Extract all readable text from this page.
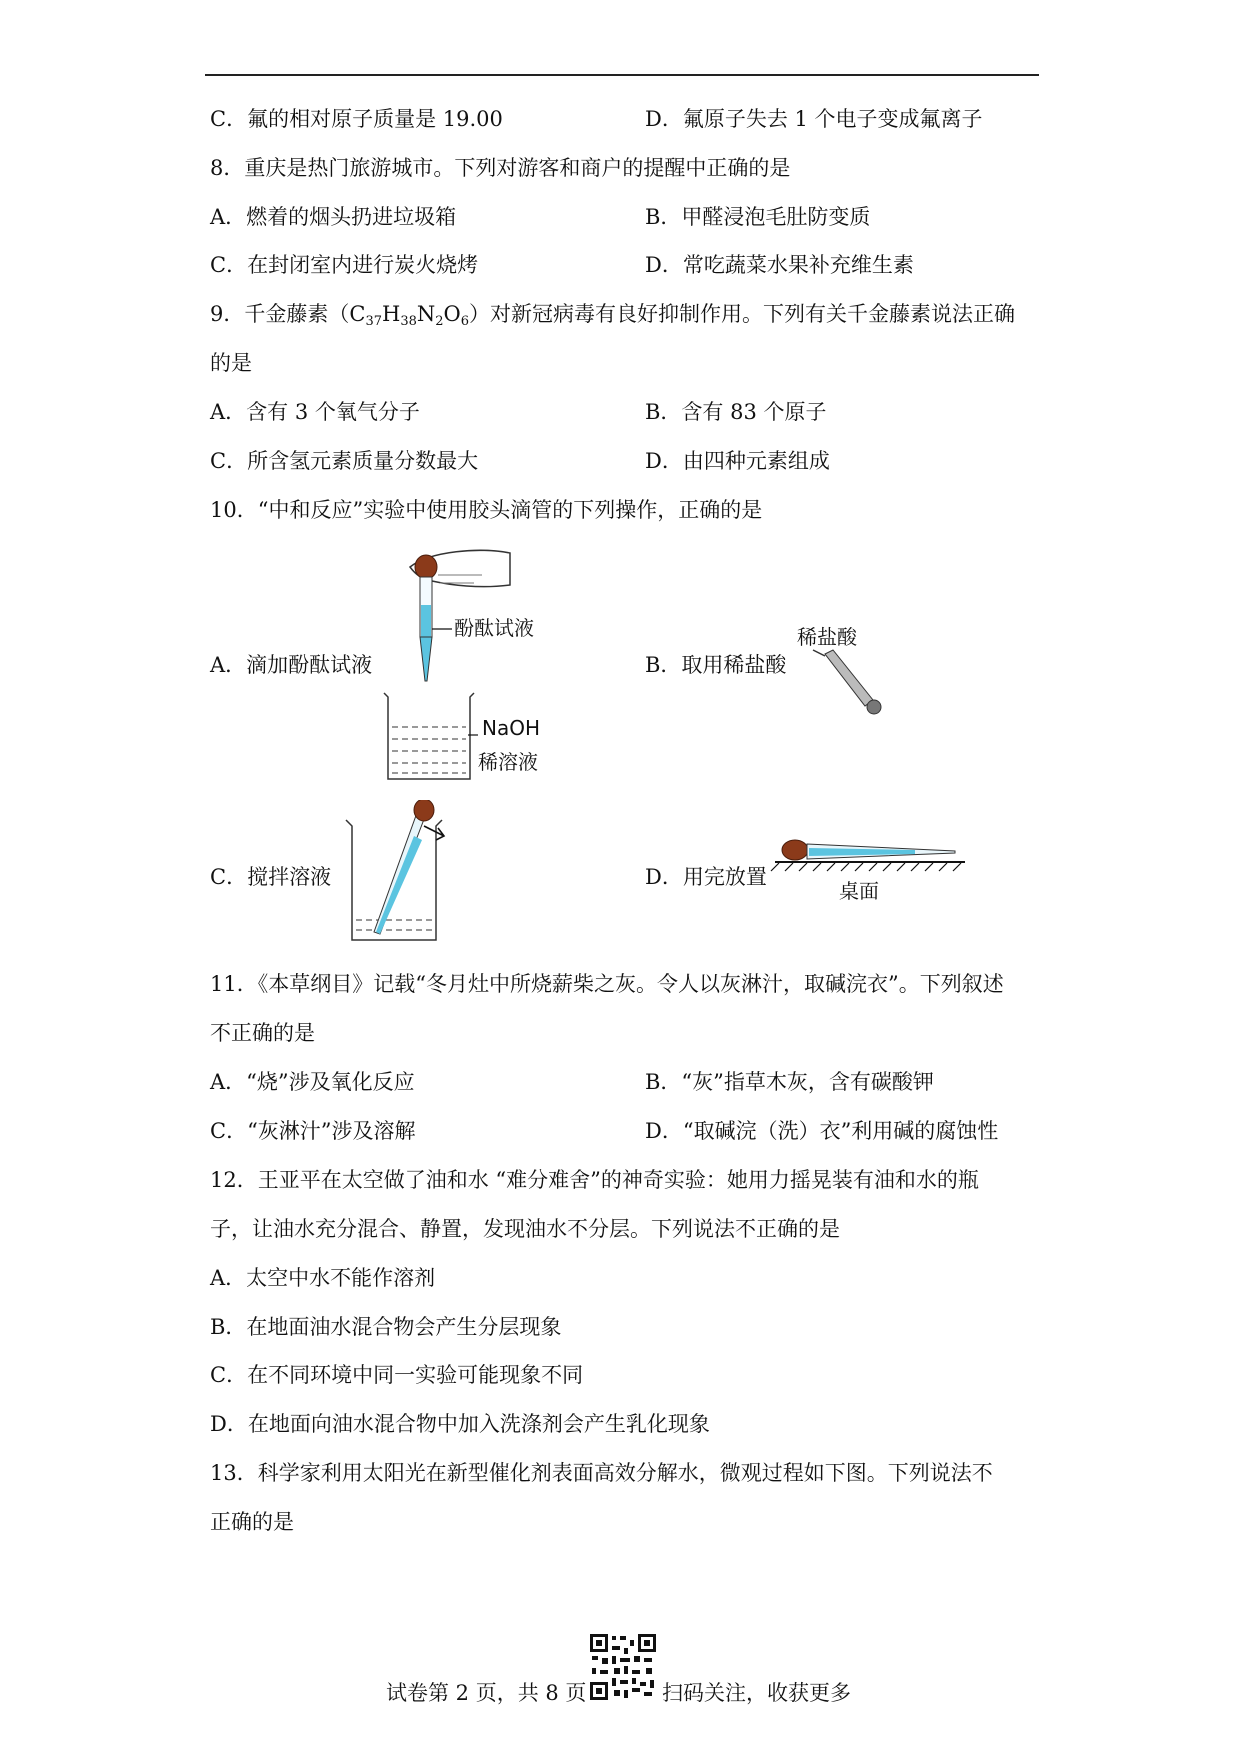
C．氟的相对原子质量是 19.00	D．氟原子失去 1 个电子变成氟离子
8．重庆是热门旅游城市。下列对游客和商户的提醒中正确的是
A．燃着的烟头扔进垃圾箱	B．甲醛浸泡毛肚防变质
C．在封闭室内进行炭火烧烤	D．常吃蔬菜水果补充维生素
9．千金藤素$(C_{37}H_{38}N_2O_6)$对新冠病毒有良好抑制作用。下列有关千金藤素说法正确
的是
A．含有 3 个氧气分子	B．含有 83 个原子
C．所含氢元素质量分数最大	D．由四种元素组成
10．“中和反应”实验中使用胶头滴管的下列操作，正确的是
A．滴加酚酞试液	B．取用稀盐酸
C．搅拌溶液	D．用完放置
酚酞试液
NaOH
稀溶液
稀盐酸
桌面
11．《本草纲目》记载“冬月灶中所烧薪柴之灰。令人以灰淋汁，取碱浣衣”。下列叙述
不正确的是
A．“烧”涉及氧化反应	B．“灰”指草木灰，含有碳酸钾
C．“灰淋汁”涉及溶解	D．“取碱浣（洗）衣”利用碱的腐蚀性
12．王亚平在太空做了油和水 “难分难舍”的神奇实验：她用力摇晃装有油和水的瓶
子，让油水充分混合、静置，发现油水不分层。下列说法不正确的是
A．太空中水不能作溶剂
B．在地面油水混合物会产生分层现象
C．在不同环境中同一实验可能现象不同
D．在地面向油水混合物中加入洗涤剂会产生乳化现象
13．科学家利用太阳光在新型催化剂表面高效分解水，微观过程如下图。下列说法不
正确的是
试卷第 2 页，共 8 页	扫码关注，收获更多
